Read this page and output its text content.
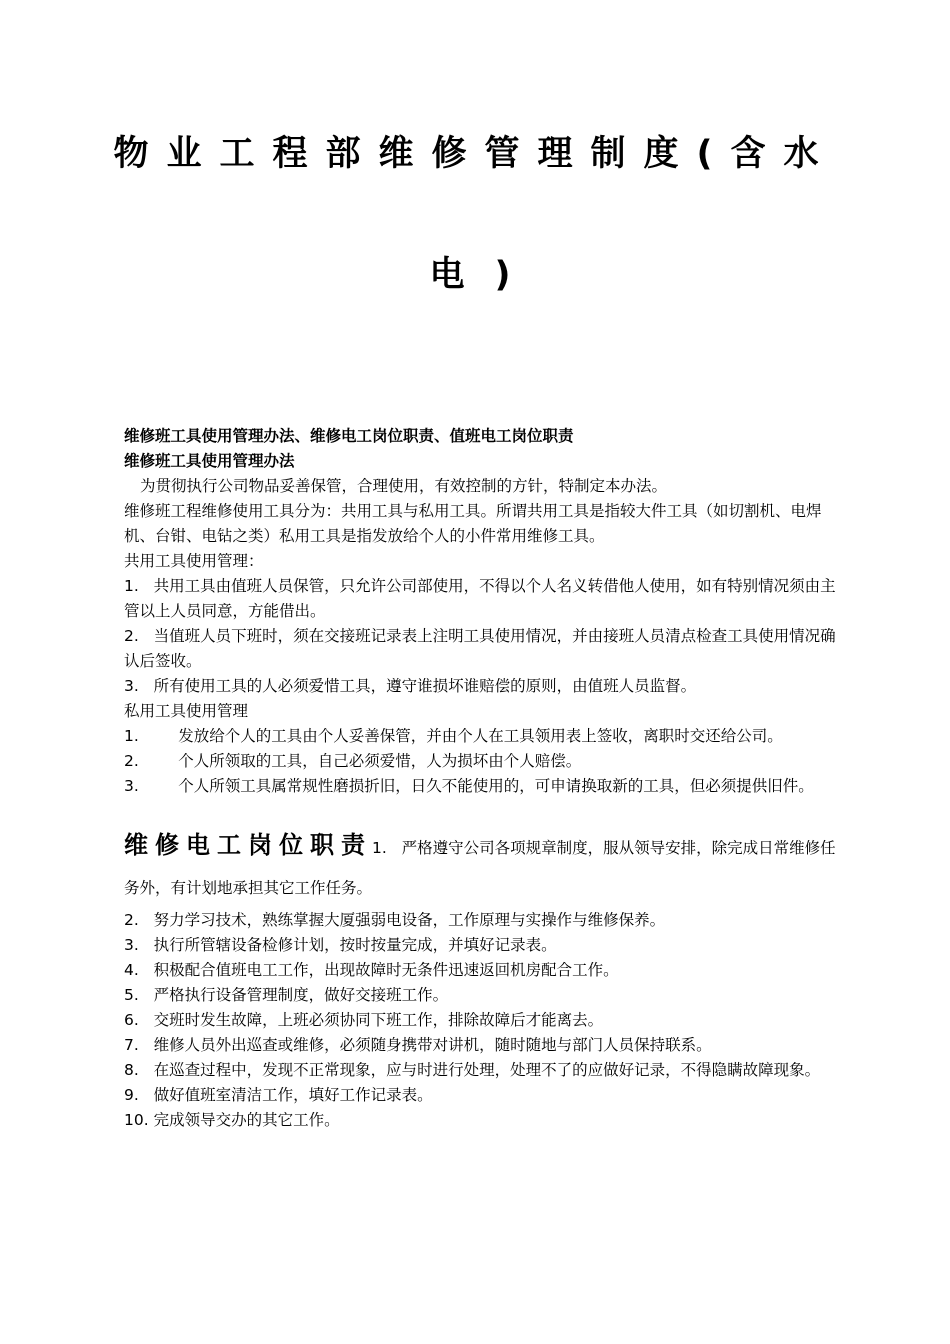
物业工程部维修管理制度(含水
电)

维修班工具使用管理办法、维修电工岗位职责、值班电工岗位职责

维修班工具使用管理办法

为贯彻执行公司物品妥善保管，合理使用，有效控制的方针，特制定本办法。

维修班工程维修使用工具分为：共用工具与私用工具。所谓共用工具是指较大件工具（如切割机、电焊机、台钳、电钻之类）私用工具是指发放给个人的小件常用维修工具。

共用工具使用管理：

1.   共用工具由值班人员保管，只允许公司部使用，不得以个人名义转借他人使用，如有特别情况须由主管以上人员同意，方能借出。

2.   当值班人员下班时，须在交接班记录表上注明工具使用情况，并由接班人员清点检查工具使用情况确认后签收。

3.   所有使用工具的人必须爱惜工具，遵守谁损坏谁赔偿的原则，由值班人员监督。

私用工具使用管理

1.        发放给个人的工具由个人妥善保管，并由个人在工具领用表上签收，离职时交还给公司。

2.        个人所领取的工具，自己必须爱惜，人为损坏由个人赔偿。

3.        个人所领工具属常规性磨损折旧，日久不能使用的，可申请换取新的工具，但必须提供旧件。

维修电工岗位职责1.   严格遵守公司各项规章制度，服从领导安排，除完成日常维修任务外，有计划地承担其它工作任务。

2.   努力学习技术，熟练掌握大厦强弱电设备，工作原理与实操作与维修保养。

3.   执行所管辖设备检修计划，按时按量完成，并填好记录表。

4.   积极配合值班电工工作，出现故障时无条件迅速返回机房配合工作。

5.   严格执行设备管理制度，做好交接班工作。

6.   交班时发生故障，上班必须协同下班工作，排除故障后才能离去。

7.   维修人员外出巡查或维修，必须随身携带对讲机，随时随地与部门人员保持联系。

8.   在巡查过程中，发现不正常现象，应与时进行处理，处理不了的应做好记录，不得隐瞒故障现象。

9.   做好值班室清洁工作，填好工作记录表。

10. 完成领导交办的其它工作。
